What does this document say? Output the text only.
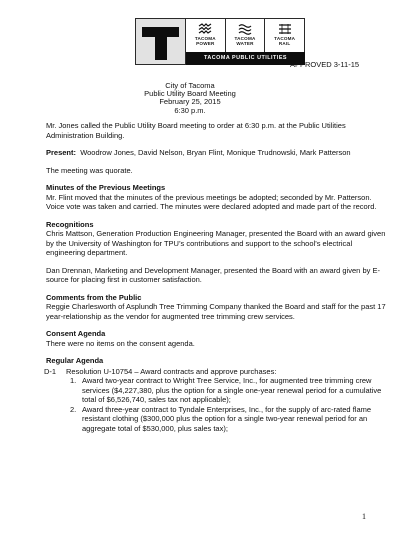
TACOMA
POWER
TACOMA
WATER
TACOMA
RAIL
TACOMA PUBLIC UTILITIES
APPROVED 3-11-15
City of Tacoma
Public Utility Board Meeting
February 25, 2015
6:30 p.m.

Mr. Jones called the Public Utility Board meeting to order at 6:30 p.m. at the Public Utilities Administration Building.

Present: Woodrow Jones, David Nelson, Bryan Flint, Monique Trudnowski, Mark Patterson

The meeting was quorate.

Minutes of the Previous Meetings

Mr. Flint moved that the minutes of the previous meetings be adopted; seconded by Mr. Patterson. Voice vote was taken and carried. The minutes were declared adopted and made part of the record.

Recognitions

Chris Mattson, Generation Production Engineering Manager, presented the Board with an award given by the University of Washington for TPU’s contributions and support to the school’s electrical engineering department.

Dan Drennan, Marketing and Development Manager, presented the Board with an award given by E-source for placing first in customer satisfaction.

Comments from the Public

Reggie Charlesworth of Asplundh Tree Trimming Company thanked the Board and staff for the past 17 year-relationship as the vendor for augmented tree trimming crew services.

Consent Agenda

There were no items on the consent agenda.

Regular Agenda

D-1	Resolution U-10754 – Award contracts and approve purchases:
1. Award two-year contract to Wright Tree Service, Inc., for augmented tree trimming crew services ($4,227,380, plus the option for a single one-year renewal period for a cumulative total of $6,526,740, sales tax not applicable);
2. Award three-year contract to Tyndale Enterprises, Inc., for the supply of arc-rated flame resistant clothing ($300,000 plus the option for a single two-year renewal period for an aggregate total of $530,000, plus sales tax);
1
